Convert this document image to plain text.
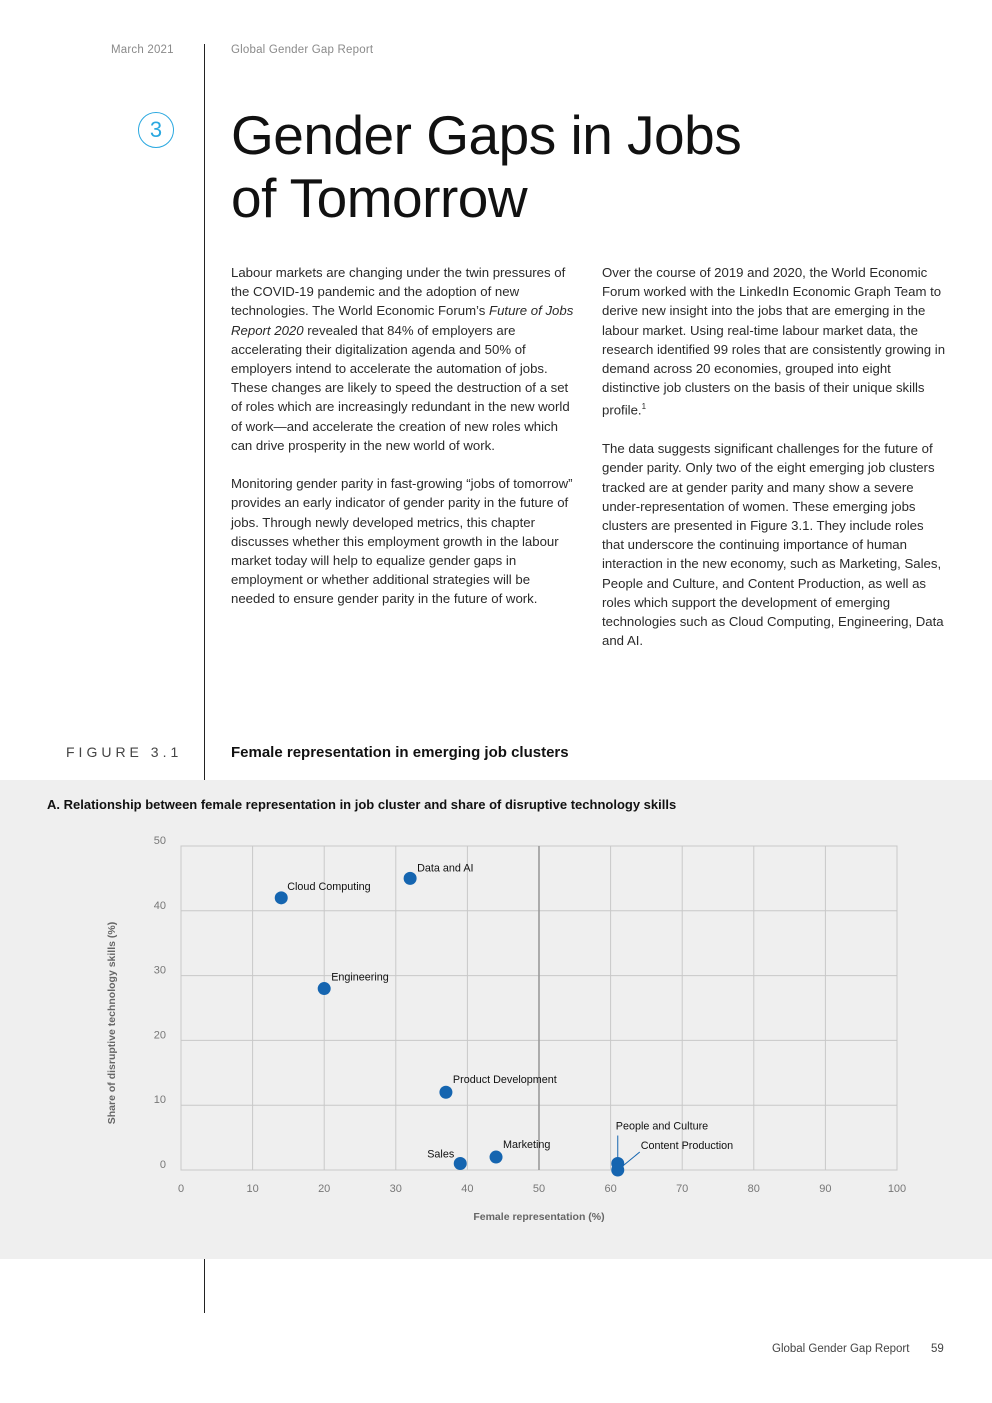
March 2021	Global Gender Gap Report
3 Gender Gaps in Jobs
of Tomorrow

Labour markets are changing under the twin pressures of the COVID-19 pandemic and the adoption of new technologies. The World Economic Forum’s Future of Jobs Report 2020 revealed that 84% of employers are accelerating their digitalization agenda and 50% of employers intend to accelerate the automation of jobs. These changes are likely to speed the destruction of a set of roles which are increasingly redundant in the new world of work—and accelerate the creation of new roles which can drive prosperity in the new world of work.

Monitoring gender parity in fast-growing “jobs of tomorrow” provides an early indicator of gender parity in the future of jobs. Through newly developed metrics, this chapter discusses whether this employment growth in the labour market today will help to equalize gender gaps in employment or whether additional strategies will be needed to ensure gender parity in the future of work.

Over the course of 2019 and 2020, the World Economic Forum worked with the LinkedIn Economic Graph Team to derive new insight into the jobs that are emerging in the labour market. Using real-time labour market data, the research identified 99 roles that are consistently growing in demand across 20 economies, grouped into eight distinctive job clusters on the basis of their unique skills profile.$^1$

The data suggests significant challenges for the future of gender parity. Only two of the eight emerging job clusters tracked are at gender parity and many show a severe under-representation of women. These emerging jobs clusters are presented in Figure 3.1. They include roles that underscore the continuing importance of human interaction in the new economy, such as Marketing, Sales, People and Culture, and Content Production, as well as roles which support the development of emerging technologies such as Cloud Computing, Engineering, Data and AI.

FIGURE 3.1	Female representation in emerging job clusters
0	10	20	30	40	50	60	70	80	90	100
0
10
20
30
40
50
Female representation (%)
Share of disruptive technology skills (%)
Data and AI
Cloud Computing
Engineering
Product Development
Sales
Marketing
People and Culture
Content Production
A. Relationship between female representation in job cluster and share of disruptive technology skills
Global Gender Gap Report 59
